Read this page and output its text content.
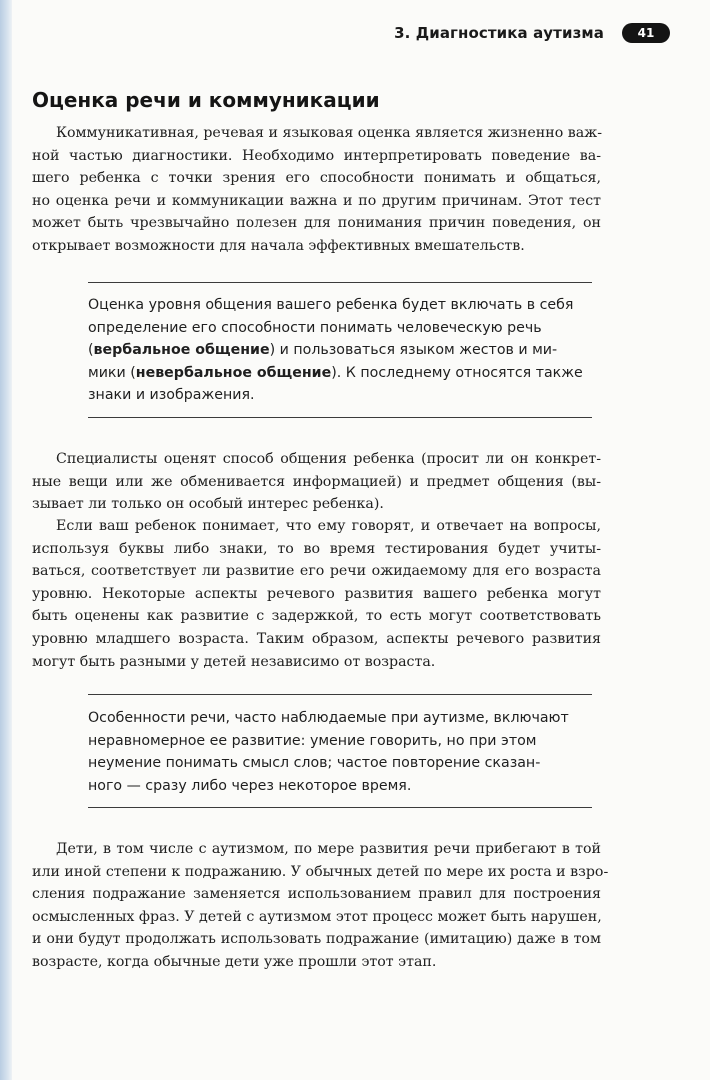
3. Диагностика аутизма	41
Оценка речи и коммуникации
Коммуникативная, речевая и языковая оценка является жизненно важ-
ной частью диагностики. Необходимо интерпретировать поведение ва-
шего ребенка с точки зрения его способности понимать и общаться,
но оценка речи и коммуникации важна и по другим причинам. Этот тест
может быть чрезвычайно полезен для понимания причин поведения, он
открывает возможности для начала эффективных вмешательств.
Оценка уровня общения вашего ребенка будет включать в себя
определение его способности понимать человеческую речь
(вербальное общение) и пользоваться языком жестов и ми-
мики (невербальное общение). К последнему относятся также
знаки и изображения.
Специалисты оценят способ общения ребенка (просит ли он конкрет-
ные вещи или же обменивается информацией) и предмет общения (вы-
зывает ли только он особый интерес ребенка).
Если ваш ребенок понимает, что ему говорят, и отвечает на вопросы,
используя буквы либо знаки, то во время тестирования будет учиты-
ваться, соответствует ли развитие его речи ожидаемому для его возраста
уровню. Некоторые аспекты речевого развития вашего ребенка могут
быть оценены как развитие с задержкой, то есть могут соответствовать
уровню младшего возраста. Таким образом, аспекты речевого развития
могут быть разными у детей независимо от возраста.
Особенности речи, часто наблюдаемые при аутизме, включают
неравномерное ее развитие: умение говорить, но при этом
неумение понимать смысл слов; частое повторение сказан-
ного — сразу либо через некоторое время.
Дети, в том числе с аутизмом, по мере развития речи прибегают в той
или иной степени к подражанию. У обычных детей по мере их роста и взро-
сления подражание заменяется использованием правил для построения
осмысленных фраз. У детей с аутизмом этот процесс может быть нарушен,
и они будут продолжать использовать подражание (имитацию) даже в том
возрасте, когда обычные дети уже прошли этот этап.
